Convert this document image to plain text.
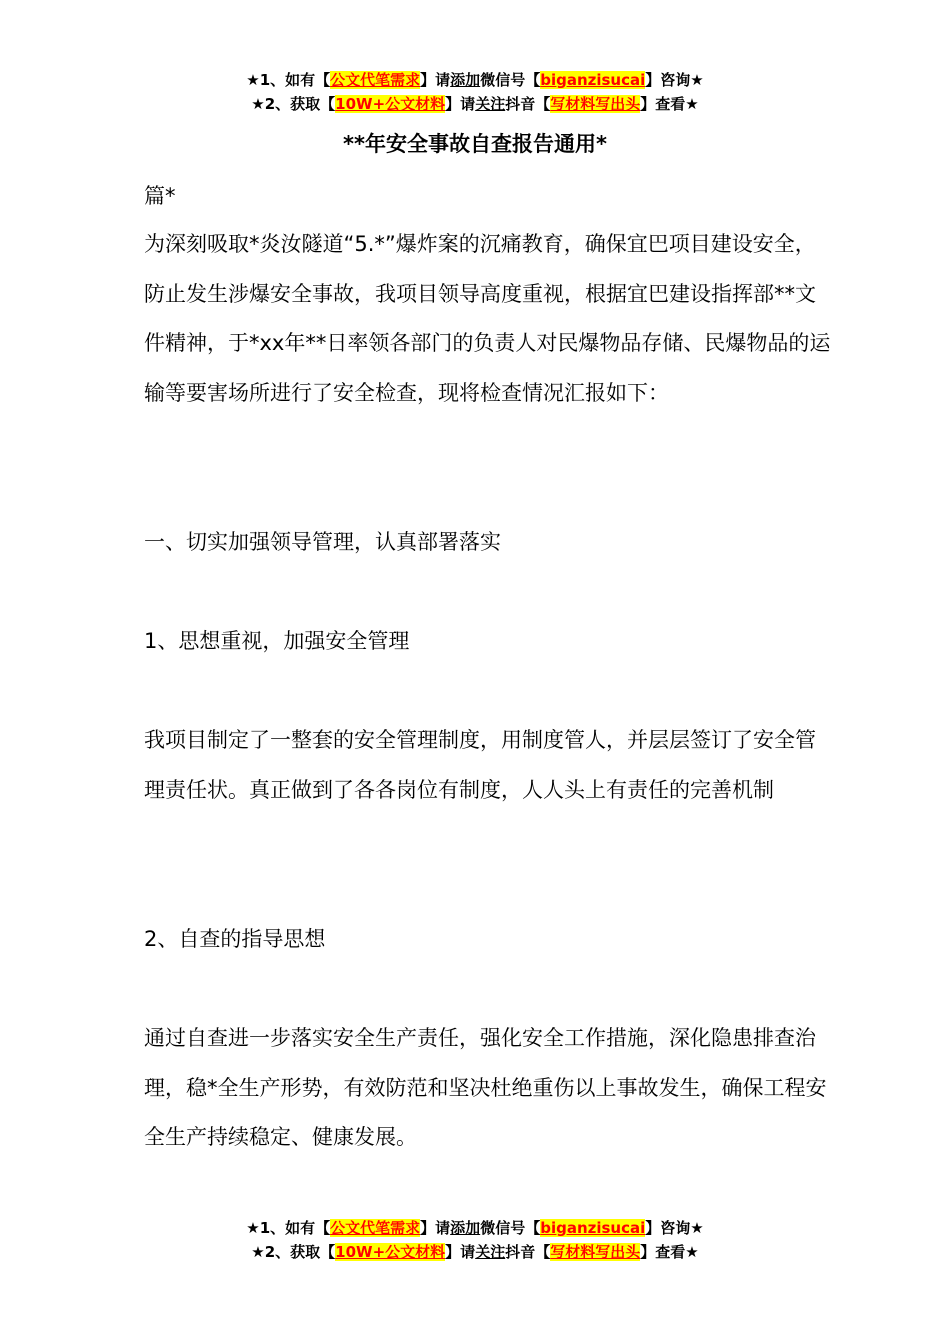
★1、如有【公文代笔需求】请添加微信号【biganzisucai】咨询★
★2、获取【10W+公文材料】请关注抖音【写材料写出头】查看★
**年安全事故自查报告通用*

篇*

为深刻吸取*炎汝隧道“5.*”爆炸案的沉痛教育，确保宜巴项目建设安全，防止发生涉爆安全事故，我项目领导高度重视，根据宜巴建设指挥部**文件精神，于*xx年**日率领各部门的负责人对民爆物品存储、民爆物品的运输等要害场所进行了安全检查，现将检查情况汇报如下：

一、切实加强领导管理，认真部署落实

1、思想重视，加强安全管理

我项目制定了一整套的安全管理制度，用制度管人，并层层签订了安全管理责任状。真正做到了各各岗位有制度，人人头上有责任的完善机制

2、自查的指导思想

通过自查进一步落实安全生产责任，强化安全工作措施，深化隐患排查治理，稳*全生产形势，有效防范和坚决杜绝重伤以上事故发生，确保工程安全生产持续稳定、健康发展。

★1、如有【公文代笔需求】请添加微信号【biganzisucai】咨询★
★2、获取【10W+公文材料】请关注抖音【写材料写出头】查看★
